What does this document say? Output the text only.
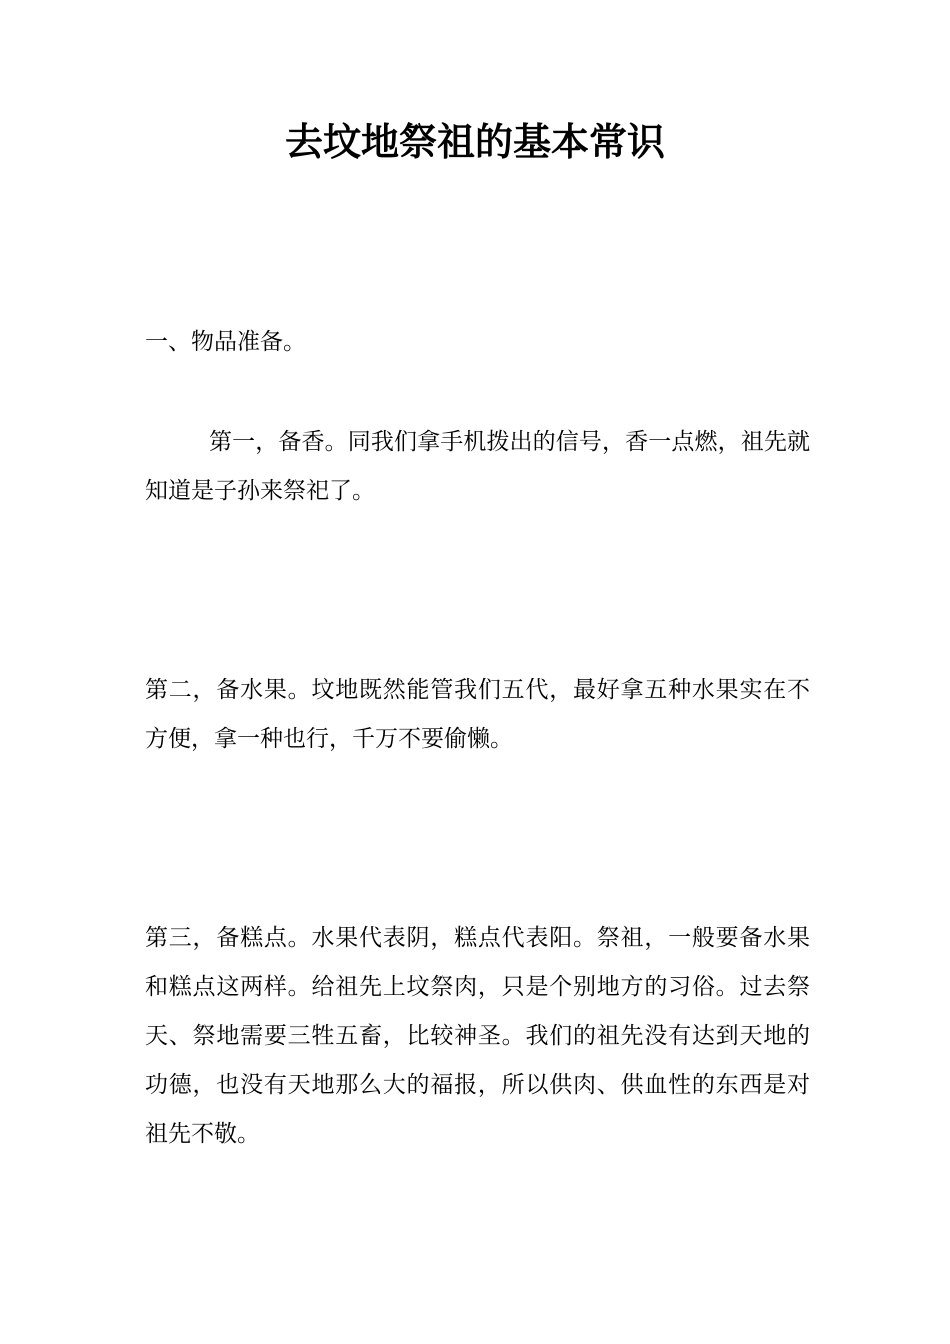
去坟地祭祖的基本常识

一、物品准备。

第一，备香。同我们拿手机拨出的信号，香一点燃，祖先就知道是子孙来祭祀了。

第二，备水果。坟地既然能管我们五代，最好拿五种水果实在不方便，拿一种也行，千万不要偷懒。

第三，备糕点。水果代表阴，糕点代表阳。祭祖，一般要备水果和糕点这两样。给祖先上坟祭肉，只是个别地方的习俗。过去祭天、祭地需要三牲五畜，比较神圣。我们的祖先没有达到天地的功德，也没有天地那么大的福报，所以供肉、供血性的东西是对祖先不敬。
